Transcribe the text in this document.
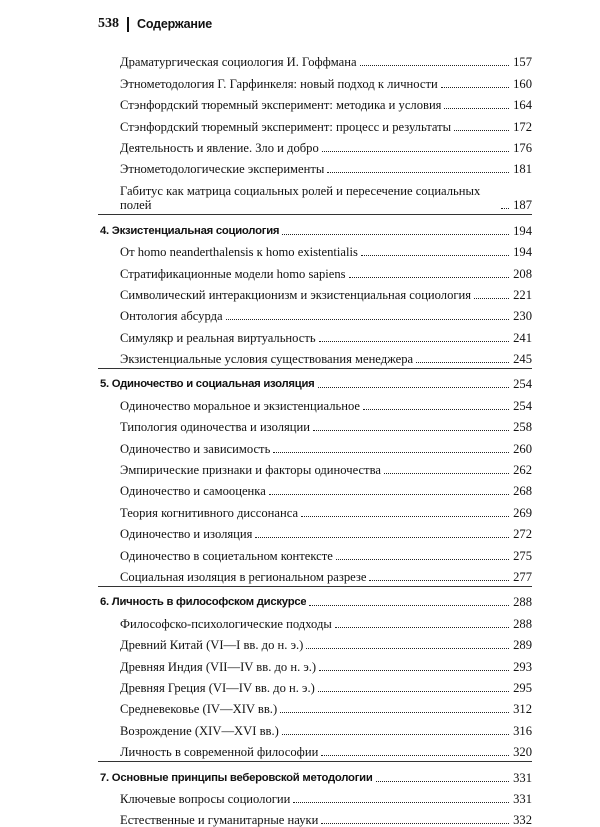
538 Содержание
Драматургическая социология И. Гоффмана	157
Этнометодология Г. Гарфинкеля: новый подход к личности	160
Стэнфордский тюремный эксперимент: методика и условия	164
Стэнфордский тюремный эксперимент: процесс и результаты	172
Деятельность и явление. Зло и добро	176
Этнометодологические эксперименты	181
Габитус как матрица социальных ролей и пересечение социальных полей	187
4. Экзистенциальная социология	194
От homo neanderthalensis к homo existentialis	194
Стратификационные модели homo sapiens	208
Символический интеракционизм и экзистенциальная социология	221
Онтология абсурда	230
Симулякр и реальная виртуальность	241
Экзистенциальные условия существования менеджера	245
5. Одиночество и социальная изоляция	254
Одиночество моральное и экзистенциальное	254
Типология одиночества и изоляции	258
Одиночество и зависимость	260
Эмпирические признаки и факторы одиночества	262
Одиночество и самооценка	268
Теория когнитивного диссонанса	269
Одиночество и изоляция	272
Одиночество в социетальном контексте	275
Социальная изоляция в региональном разрезе	277
6. Личность в философском дискурсе	288
Философско-психологические подходы	288
Древний Китай (VI—I вв. до н. э.)	289
Древняя Индия (VII—IV вв. до н. э.)	293
Древняя Греция (VI—IV вв. до н. э.)	295
Средневековье (IV—XIV вв.)	312
Возрождение (XIV—XVI вв.)	316
Личность в современной философии	320
7. Основные принципы веберовской методологии	331
Ключевые вопросы социологии	331
Естественные и гуманитарные науки	332
